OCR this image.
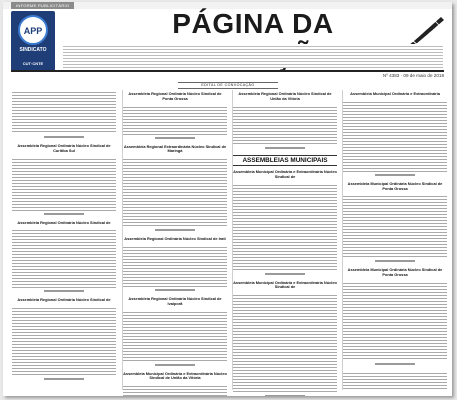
INFORME PUBLICITÁRIO
APP
SINDICATO
CUT·CNTE
PÁGINA DA
Nº 4383 · 09 de maio de 2018
EDITAL DE CONVOCAÇÃO
Assembleia Regional Ordinária Núcleo Sindical de Curitiba Sul
Assembleia Regional Ordinária Núcleo Sindical de
Assembleia Regional Ordinária Núcleo Sindical de
Assembleia Regional Ordinária Núcleo Sindical de Ponta Grossa
Assembleia Regional Extraordinária Núcleo Sindical de Maringá
Assembleia Regional Ordinária Núcleo Sindical de Irati
Assembleia Regional Ordinária Núcleo Sindical de Ivaiporã
Assembleia Municipal Ordinária e Extraordinária Núcleo Sindical de União da Vitória
Assembleia Regional Ordinária Núcleo Sindical de União da Vitória
ASSEMBLEIAS MUNICIPAIS
Assembleia Municipal Ordinária e Extraordinária Núcleo Sindical de
Assembleia Municipal Ordinária e Extraordinária Núcleo Sindical de
Assembleia Municipal Ordinária e Extraordinária
Assembleia Municipal Ordinária Núcleo Sindical de Ponta Grossa
Assembleia Municipal Ordinária Núcleo Sindical de Ponta Grossa
